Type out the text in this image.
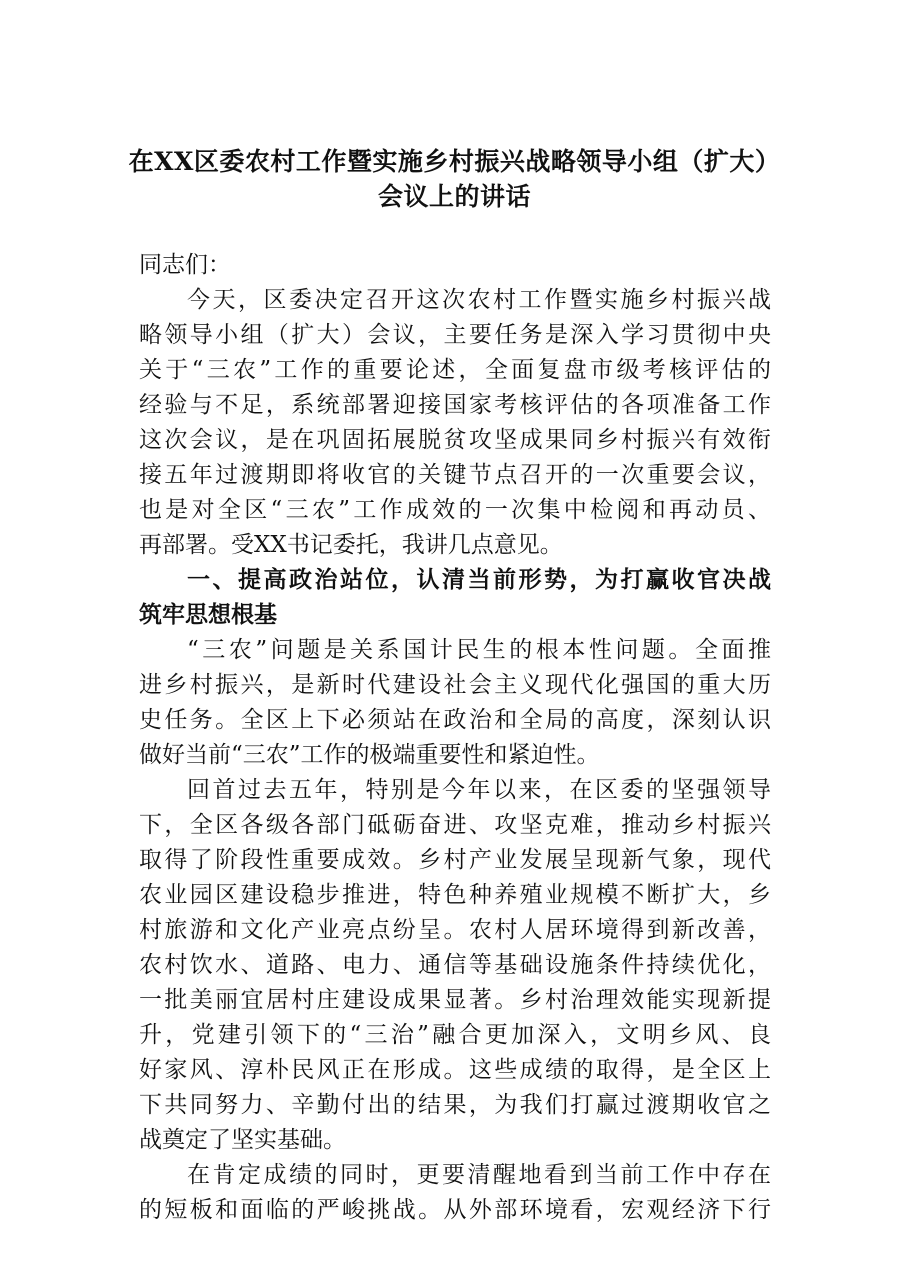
在XX区委农村工作暨实施乡村振兴战略领导小组（扩大）
会议上的讲话
同志们：
今天，区委决定召开这次农村工作暨实施乡村振兴战
略领导小组（扩大）会议，主要任务是深入学习贯彻中央
关于“三农”工作的重要论述，全面复盘市级考核评估的
经验与不足，系统部署迎接国家考核评估的各项准备工作
这次会议，是在巩固拓展脱贫攻坚成果同乡村振兴有效衔
接五年过渡期即将收官的关键节点召开的一次重要会议，
也是对全区“三农”工作成效的一次集中检阅和再动员、
再部署。受XX书记委托，我讲几点意见。
一、提高政治站位，认清当前形势，为打赢收官决战
筑牢思想根基
“三农”问题是关系国计民生的根本性问题。全面推
进乡村振兴，是新时代建设社会主义现代化强国的重大历
史任务。全区上下必须站在政治和全局的高度，深刻认识
做好当前“三农”工作的极端重要性和紧迫性。
回首过去五年，特别是今年以来，在区委的坚强领导
下，全区各级各部门砥砺奋进、攻坚克难，推动乡村振兴
取得了阶段性重要成效。乡村产业发展呈现新气象，现代
农业园区建设稳步推进，特色种养殖业规模不断扩大，乡
村旅游和文化产业亮点纷呈。农村人居环境得到新改善，
农村饮水、道路、电力、通信等基础设施条件持续优化，
一批美丽宜居村庄建设成果显著。乡村治理效能实现新提
升，党建引领下的“三治”融合更加深入，文明乡风、良
好家风、淳朴民风正在形成。这些成绩的取得，是全区上
下共同努力、辛勤付出的结果，为我们打赢过渡期收官之
战奠定了坚实基础。
在肯定成绩的同时，更要清醒地看到当前工作中存在
的短板和面临的严峻挑战。从外部环境看，宏观经济下行
